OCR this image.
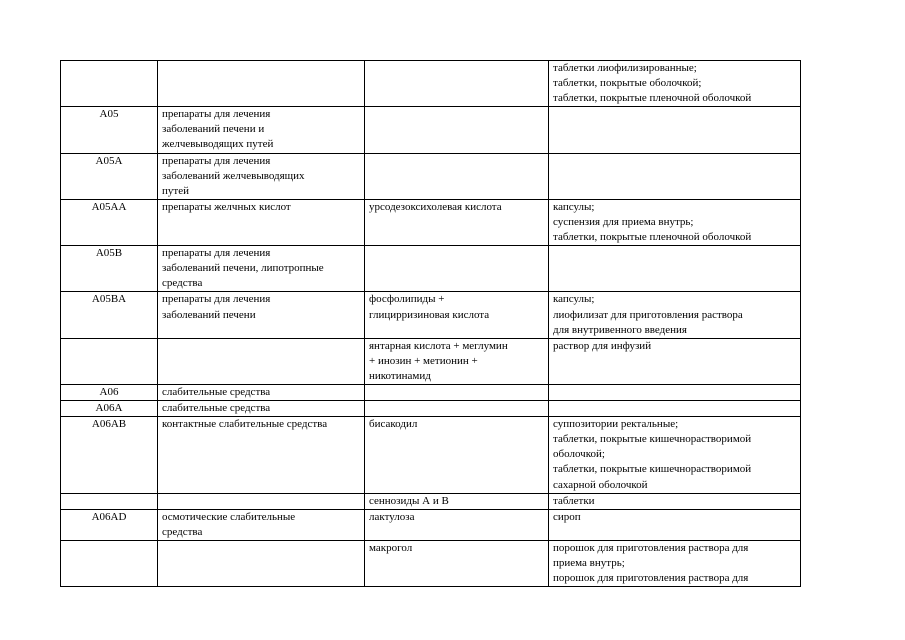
			таблетки лиофилизированные;
таблетки, покрытые оболочкой;
таблетки, покрытые пленочной оболочкой

A05	препараты для лечения
заболеваний печени и
желчевыводящих путей		

A05A	препараты для лечения
заболеваний желчевыводящих
путей		

A05AA	препараты желчных кислот	урсодезоксихолевая кислота	капсулы;
суспензия для приема внутрь;
таблетки, покрытые пленочной оболочкой

A05B	препараты для лечения
заболеваний печени, липотропные
средства		

A05BA	препараты для лечения
заболеваний печени	фосфолипиды +
глицирризиновая кислота	капсулы;
лиофилизат для приготовления раствора
для внутривенного введения

		янтарная кислота + меглумин
+ инозин + метионин +
никотинамид	раствор для инфузий

A06	слабительные средства		

A06A	слабительные средства		

A06AB	контактные слабительные средства	бисакодил	суппозитории ректальные;
таблетки, покрытые кишечнорастворимой
оболочкой;
таблетки, покрытые кишечнорастворимой
сахарной оболочкой

		сеннозиды А и В	таблетки

A06AD	осмотические слабительные
средства	лактулоза	сироп

		макрогол	порошок для приготовления раствора для
приема внутрь;
порошок для приготовления раствора для
